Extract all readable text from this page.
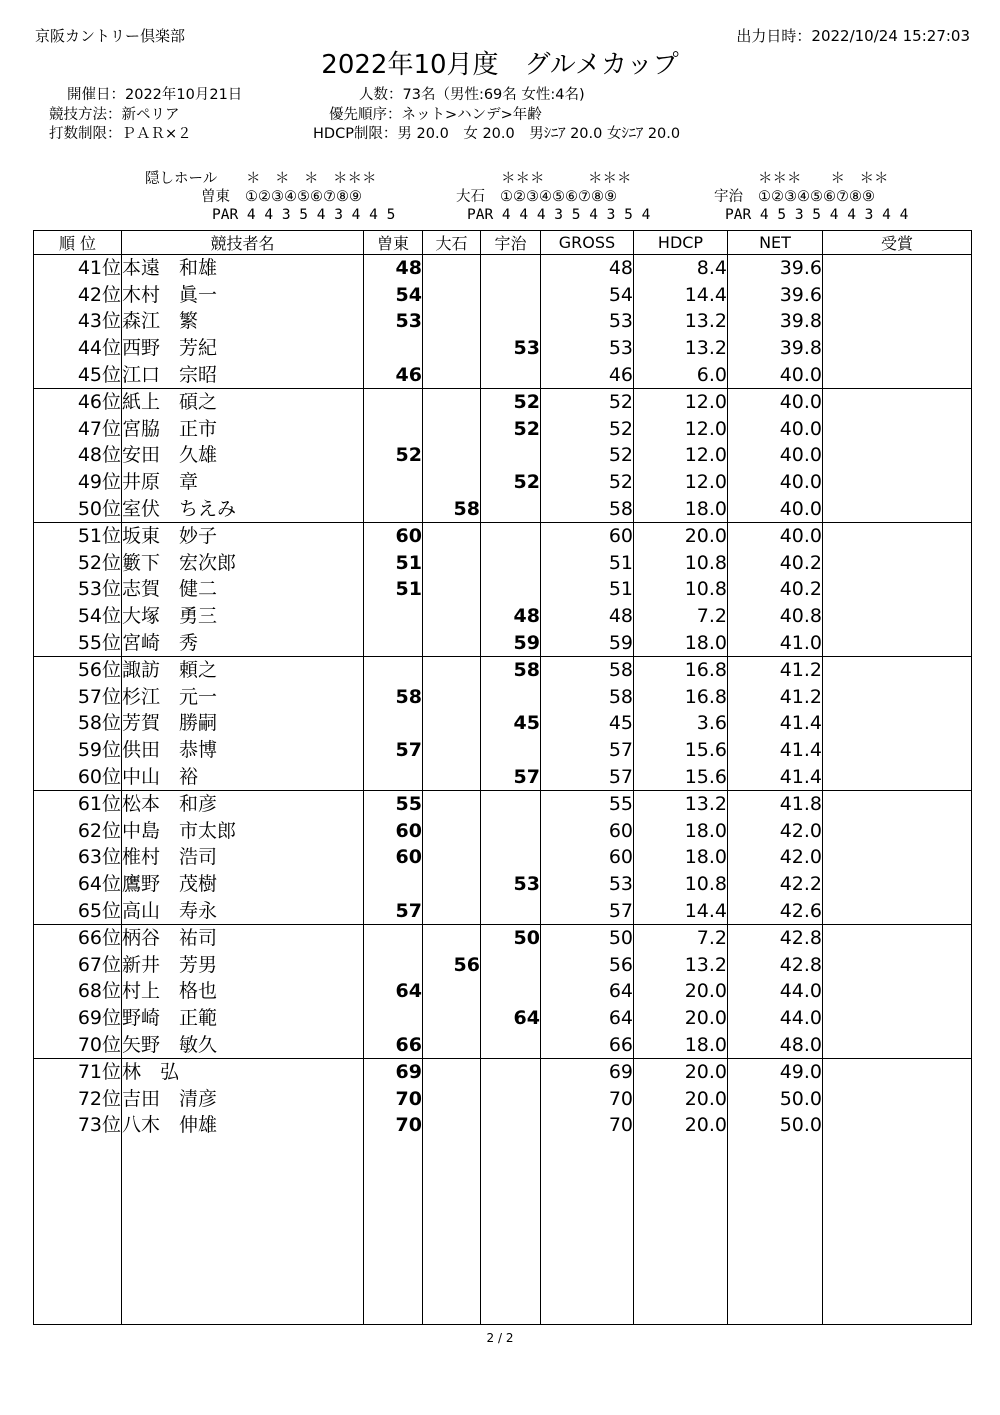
京阪カントリー倶楽部	出力日時：2022/10/24 15:27:03
2022年10月度　グルメカップ
開催日：2022年10月21日
競技方法：新ペリア
打数制限：ＰＡＲ×２
人数：73名（男性:69名 女性:4名)
優先順序：ネット>ハンデ>年齢
HDCP制限：男 20.0　女 20.0　男ｼﾆｱ 20.0 女ｼﾆｱ 20.0
隠しホール ＊　＊　＊　＊＊＊
曽東 ①②③④⑤⑥⑦⑧⑨
PAR 4 4 3 5 4 3 4 4 5
＊＊＊　　　＊＊＊
大石 ①②③④⑤⑥⑦⑧⑨
PAR 4 4 4 3 5 4 3 5 4
＊＊＊　　＊　＊＊
宇治 ①②③④⑤⑥⑦⑧⑨
PAR 4 5 3 5 4 4 3 4 4
順 位	競技者名	曽東	大石	宇治	GROSS	HDCP	NET	受賞
41位	本遠　和雄	48			48	8.4	39.6	
42位	木村　眞一	54			54	14.4	39.6	
43位	森江　繁	53			53	13.2	39.8	
44位	西野　芳紀			53	53	13.2	39.8	
45位	江口　宗昭	46			46	6.0	40.0	
46位	紙上　碩之			52	52	12.0	40.0	
47位	宮脇　正市			52	52	12.0	40.0	
48位	安田　久雄	52			52	12.0	40.0	
49位	井原　章			52	52	12.0	40.0	
50位	室伏　ちえみ		58		58	18.0	40.0	
51位	坂東　妙子	60			60	20.0	40.0	
52位	籔下　宏次郎	51			51	10.8	40.2	
53位	志賀　健二	51			51	10.8	40.2	
54位	大塚　勇三			48	48	7.2	40.8	
55位	宮崎　秀			59	59	18.0	41.0	
56位	諏訪　頼之			58	58	16.8	41.2	
57位	杉江　元一	58			58	16.8	41.2	
58位	芳賀　勝嗣			45	45	3.6	41.4	
59位	供田　恭博	57			57	15.6	41.4	
60位	中山　裕			57	57	15.6	41.4	
61位	松本　和彦	55			55	13.2	41.8	
62位	中島　市太郎	60			60	18.0	42.0	
63位	椎村　浩司	60			60	18.0	42.0	
64位	鷹野　茂樹			53	53	10.8	42.2	
65位	高山　寿永	57			57	14.4	42.6	
66位	柄谷　祐司			50	50	7.2	42.8	
67位	新井　芳男		56		56	13.2	42.8	
68位	村上　格也	64			64	20.0	44.0	
69位	野崎　正範			64	64	20.0	44.0	
70位	矢野　敏久	66			66	18.0	48.0	
71位	林　弘	69			69	20.0	49.0	
72位	吉田　清彦	70			70	20.0	50.0	
73位	八木　伸雄	70			70	20.0	50.0	

2 / 2
